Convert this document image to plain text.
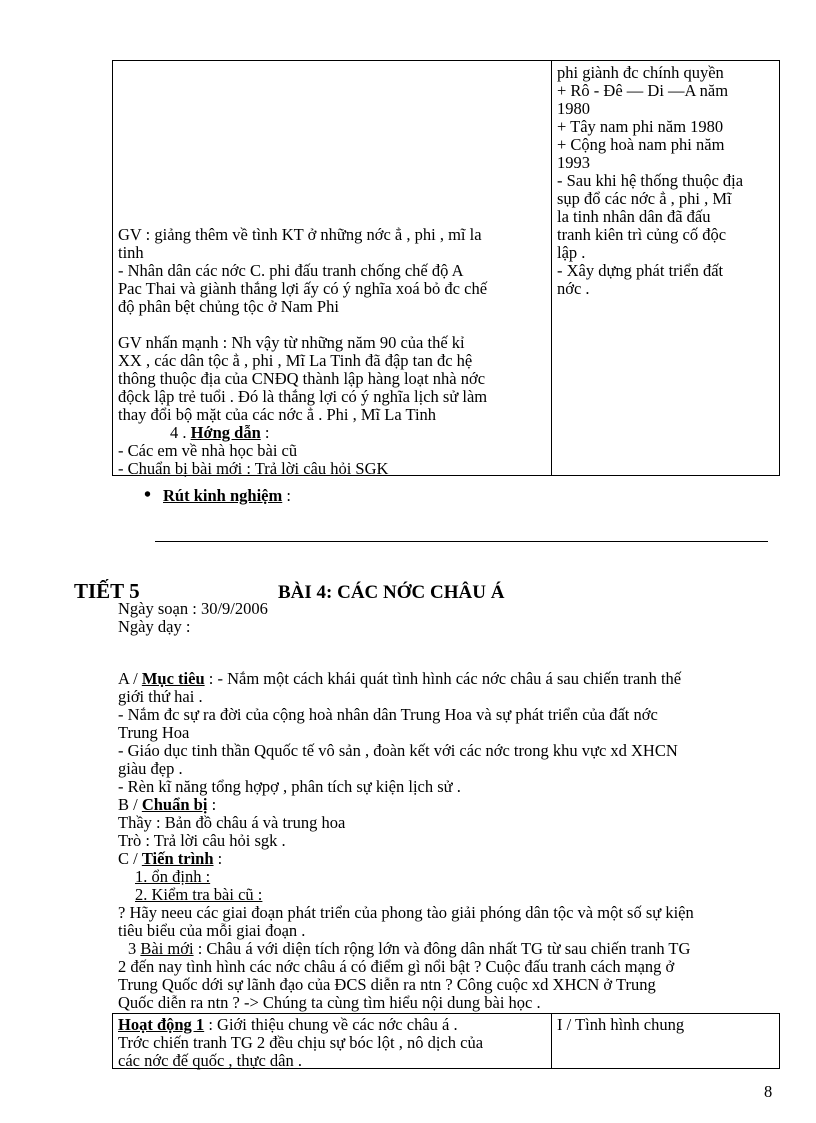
phi giành đc chính quyền
+ Rô - Đê — Di —A năm
1980
+ Tây nam phi năm 1980
+ Cộng hoà nam phi năm
1993
- Sau khi hệ thống thuộc địa
sụp đổ các nớc ẳ , phi , Mĩ
la tinh nhân dân đã đấu
tranh kiên trì củng cố độc
lập .
- Xây dựng phát triển đất
nớc .
GV : giảng thêm về tình KT ở những nớc ẳ , phi , mĩ la
tinh
- Nhân dân các nớc C. phi đấu tranh chống chế độ A
Pac Thai và giành thắng lợi ấy có ý nghĩa xoá bỏ đc chế
độ phân bệt chủng tộc ở Nam Phi
GV nhấn mạnh : Nh vậy từ những năm 90 của thế kỉ
XX , các dân tộc ẳ , phi , Mĩ La Tinh đã đập tan đc hệ
thông thuộc địa của CNĐQ thành lập hàng loạt nhà nớc
độck lập trẻ tuổi . Đó là thắng lợi có ý nghĩa lịch sử làm
thay đổi bộ mặt của các nớc ẳ . Phi , Mĩ La Tinh
4 . Hớng dẫn :
- Các em về nhà học bài cũ
- Chuẩn bị bài mới : Trả lời câu hỏi SGK
• Rút kinh nghiệm :
TIẾT 5	BÀI 4: CÁC NỚC CHÂU Á
Ngày soạn : 30/9/2006
Ngày dạy :
A / Mục tiêu : - Nắm một cách khái quát tình hình các nớc châu á sau chiến tranh thế
giới thứ hai .
- Nắm đc sự ra đời của cộng hoà nhân dân Trung Hoa và sự phát triển của đất nớc
Trung Hoa
- Giáo dục tinh thần Qquốc tế vô sản , đoàn kết với các nớc trong khu vực xd XHCN
giàu đẹp .
- Rèn kĩ năng tổng hợpợ , phân tích sự kiện lịch sử .
B / Chuẩn bị :
Thầy : Bản đồ châu á và trung hoa
Trò : Trả lời câu hỏi sgk .
C / Tiến trình :
1. ổn định :
2. Kiểm tra bài cũ :
? Hãy neeu các giai đoạn phát triển của phong tào giải phóng dân tộc và một số sự kiện
tiêu biểu của mỗi giai đoạn .
3 Bài mới : Châu á với diện tích rộng lớn và đông dân nhất TG từ sau chiến tranh TG
2 đến nay tình hình các nớc châu á có điểm gì nổi bật ? Cuộc đấu tranh cách mạng ở
Trung Quốc dới sự lãnh đạo của ĐCS diễn ra ntn ? Công cuộc xd XHCN ở Trung
Quốc diễn ra ntn ? -> Chúng ta cùng tìm hiểu nội dung bài học .
Hoạt động 1 : Giới thiệu chung về các nớc châu á .
Trớc chiến tranh TG 2 đều chịu sự bóc lột , nô dịch của
các nớc đế quốc , thực dân .
I / Tình hình chung
8
